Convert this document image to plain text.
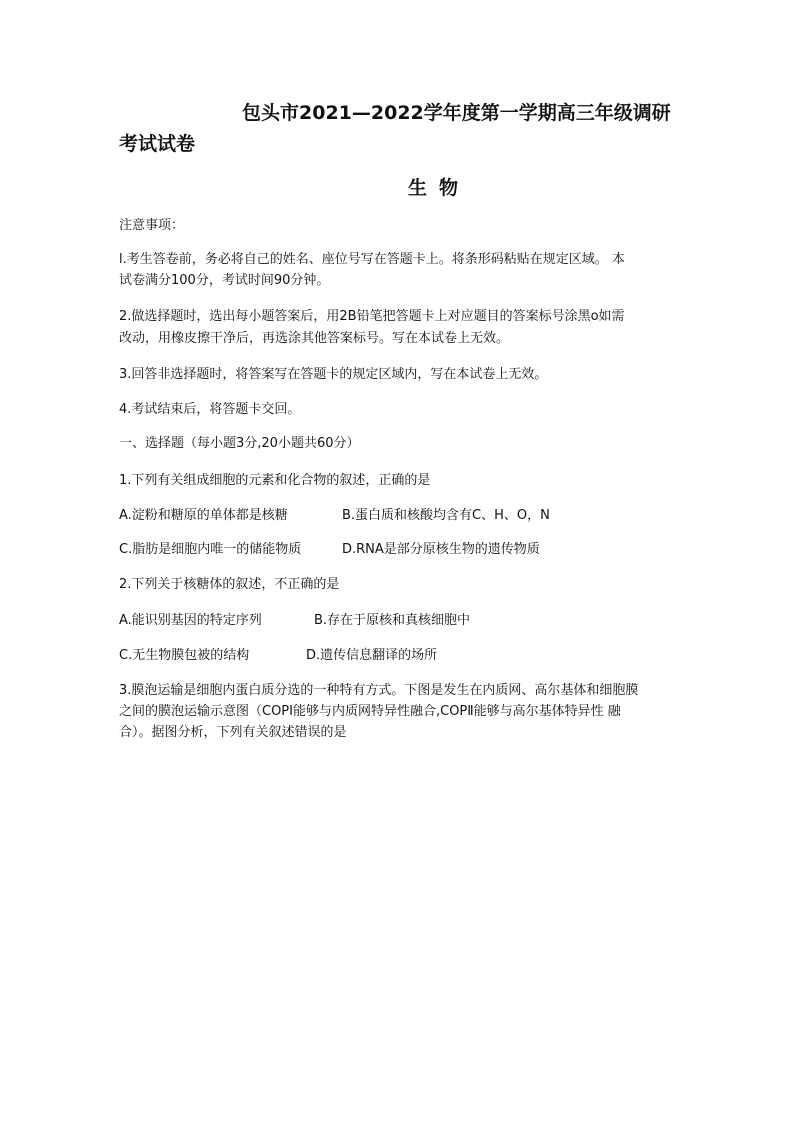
包头市2021—2022学年度第一学期高三年级调研
考试试卷
生物
注意事项：
l.考生答卷前，务必将自己的姓名、座位号写在答题卡上。将条形码粘贴在规定区域。 本
试卷满分100分，考试时间90分钟。
2.做选择题时，选出每小题答案后，用2B铅笔把答题卡上对应题目的答案标号涂黑o如需
改动，用橡皮擦干净后，再选涂其他答案标号。写在本试卷上无效。
3.回答非选择题时，将答案写在答题卡的规定区域内，写在本试卷上无效。
4.考试结束后，将答题卡交回。
一、选择题（每小题3分,20小题共60分）
1.下列有关组成细胞的元素和化合物的叙述，正确的是
A.淀粉和糖原的单体都是核糖	B.蛋白质和核酸均含有C、H、O，N
C.脂肪是细胞内唯一的储能物质	D.RNA是部分原核生物的遗传物质
2.下列关于核糖体的叙述，不正确的是
A.能识别基因的特定序列	B.存在于原核和真核细胞中
C.无生物膜包被的结构	D.遗传信息翻译的场所
3.膜泡运输是细胞内蛋白质分选的一种特有方式。下图是发生在内质网、高尔基体和细胞膜
之间的膜泡运输示意图（COPⅠ能够与内质网特异性融合,COPⅡ能够与高尔基体特异性 融
合）。据图分析，下列有关叙述错误的是
